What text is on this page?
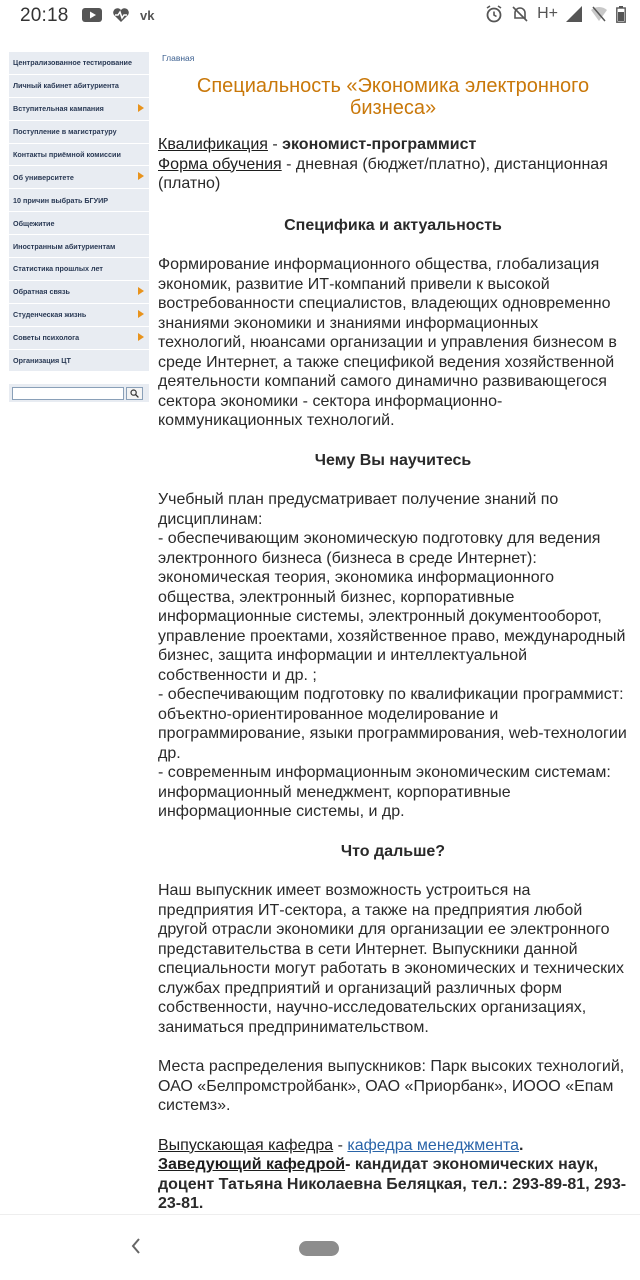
20:18	vk	H+
Централизованное тестирование
Личный кабинет абитуриента
Вступительная кампания
Поступление в магистратуру
Контакты приёмной комиссии
Об университете
10 причин выбрать БГУИР
Общежитие
Иностранным абитуриентам
Статистика прошлых лет
Обратная связь
Студенческая жизнь
Советы психолога
Организация ЦТ
Главная
Специальность «Экономика электронного бизнеса»
Квалификация - экономист-программист
Форма обучения - дневная (бюджет/платно), дистанционная (платно)
Специфика и актуальность

Формирование информационного общества, глобализация экономик, развитие ИТ-компаний привели к высокой востребованности специалистов, владеющих одновременно знаниями экономики и знаниями информационных технологий, нюансами организации и управления бизнесом в среде Интернет, а также спецификой ведения хозяйственной деятельности компаний самого динамично развивающегося сектора экономики - сектора информационно-коммуникационных технологий.

Чему Вы научитесь
Учебный план предусматривает получение знаний по дисциплинам:
- обеспечивающим экономическую подготовку для ведения электронного бизнеса (бизнеса в среде Интернет): экономическая теория, экономика информационного общества, электронный бизнес, корпоративные информационные системы, электронный документооборот, управление проектами, хозяйственное право, международный бизнес, защита информации и интеллектуальной собственности и др. ;
- обеспечивающим подготовку по квалификации программист: объектно-ориентированное моделирование и программирование, языки программирования, web-технологии др.
- современным информационным экономическим системам: информационный менеджмент, корпоративные информационные системы, и др.
Что дальше?

Наш выпускник имеет возможность устроиться на предприятия ИТ-сектора, а также на предприятия любой другой отрасли экономики для организации ее электронного представительства в сети Интернет. Выпускники данной специальности могут работать в экономических и технических службах предприятий и организаций различных форм собственности, научно-исследовательских организациях, заниматься предпринимательством.

Места распределения выпускников: Парк высоких технологий, ОАО «Белпромстройбанк», ОАО «Приорбанк», ИООО «Епам системз».

Выпускающая кафедра - кафедра менеджмента.
Заведующий кафедрой- кандидат экономических наук, доцент Татьяна Николаевна Беляцкая, тел.: 293-89-81, 293-23-81.
